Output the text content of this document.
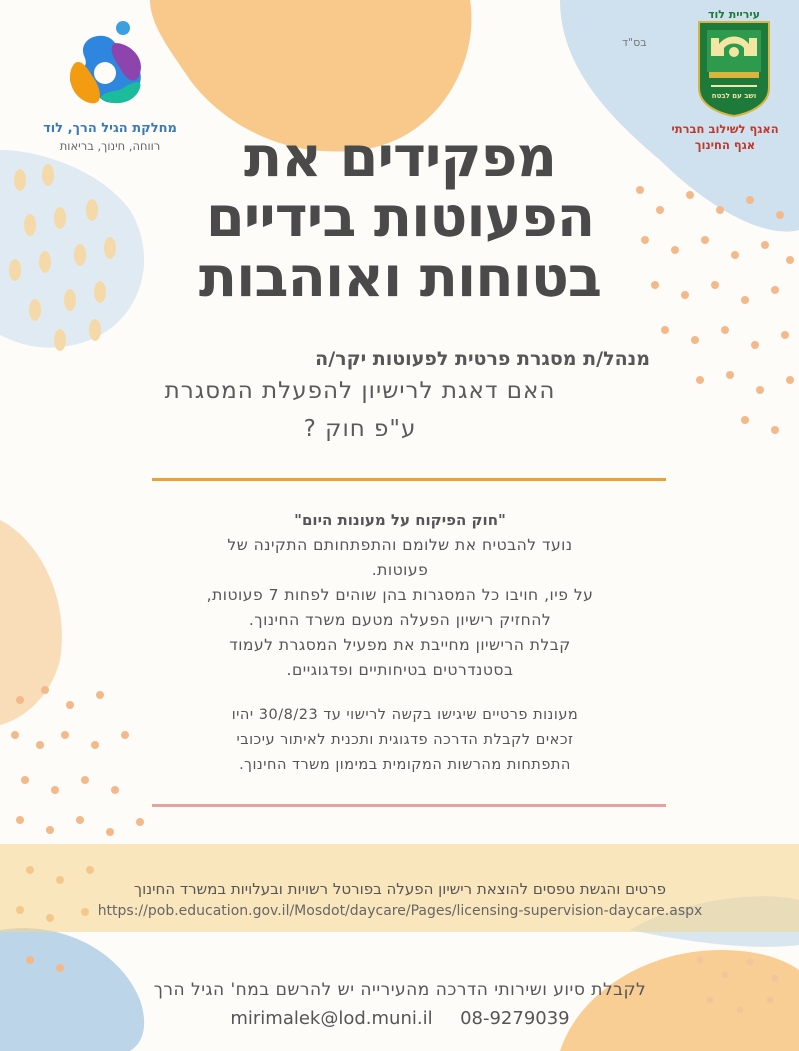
מחלקת הגיל הרך, לוד
רווחה, חינוך, בריאות
בס"ד
עיריית לוד
ושב עם לבטח
האגף לשילוב חברתי
אגף החינוך
מפקידים את
הפעוטות בידיים
בטוחות ואוהבות
מנהל/ת מסגרת פרטית לפעוטות יקר/ה
האם דאגת לרישיון להפעלת המסגרת
ע"פ חוק ?
"חוק הפיקוח על מעונות היום"
נועד להבטיח את שלומם והתפתחותם התקינה של
פעוטות.
על פיו, חויבו כל המסגרות בהן שוהים לפחות 7 פעוטות,
להחזיק רישיון הפעלה מטעם משרד החינוך.
קבלת הרישיון מחייבת את מפעיל המסגרת לעמוד
בסטנדרטים בטיחותיים ופדגוגיים.
מעונות פרטיים שיגישו בקשה לרישוי עד 30/8/23 יהיו
זכאים לקבלת הדרכה פדגוגית ותכנית לאיתור עיכובי
התפתחות מהרשות המקומית במימון משרד החינוך.
פרטים והגשת טפסים להוצאת רישיון הפעלה בפורטל רשויות ובעלויות במשרד החינוך
https://pob.education.gov.il/Mosdot/daycare/Pages/licensing-supervision-daycare.aspx
לקבלת סיוע ושירותי הדרכה מהעירייה יש להרשם במח' הגיל הרך
mirimalek@lod.muni.il 08-9279039
